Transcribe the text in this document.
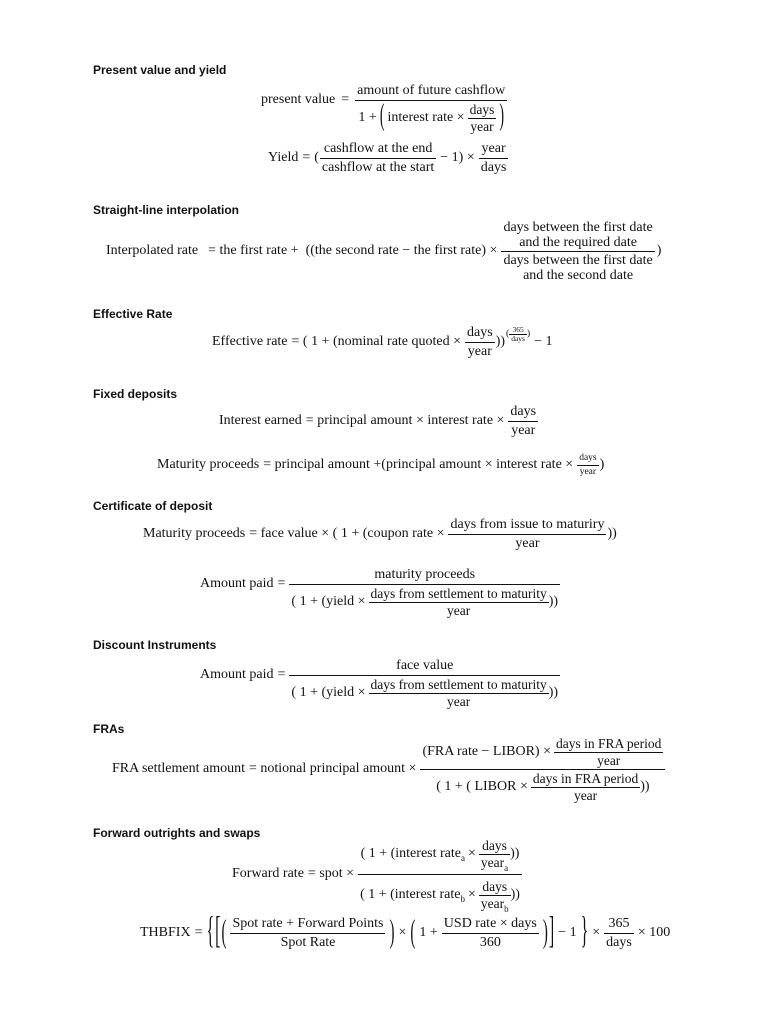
Present value and yield
present value =
amount of future cashflow
1 + ( interest rate × $\frac{\text{days}}{\text{year}}$ )
Yield = ( $\frac{\text{cashflow at the end}}{\text{cashflow at the start}} - 1) \times \frac{\text{year}}{\text{days}}$
Straight-line interpolation
Interpolated rate = the first rate + ((the second rate − the first rate) × days between the first date
and the required date
days between the first date
and the second date )
Effective Rate
Effective rate = ( 1 + (nominal rate quoted × $\frac{\text{days}}{\text{year}}$ ))
( $\frac{365}{\text{days}}$ )
− 1
Fixed deposits
Interest earned = principal amount × interest rate × $\frac{\text{days}}{\text{year}}$
Maturity proceeds = principal amount +(principal amount × interest rate × $\frac{\text{days}}{\text{year}}$ )
Certificate of deposit
Maturity proceeds = face value × ( 1 + (coupon rate × $\frac{\text{days from issue to maturiry}}{\text{year}}$ ))
Amount paid =
maturity proceeds
( 1 + (yield × $\frac{\text{days from settlement to maturity}}{\text{year}}$ ))
Discount Instruments
Amount paid =
face value
( 1 + (yield × $\frac{\text{days from settlement to maturity}}{\text{year}}$ ))
FRAs
FRA settlement amount = notional principal amount ×
(FRA rate − LIBOR) × $\frac{\text{days in FRA period}}{\text{year}}$
( 1 + ( LIBOR × $\frac{\text{days in FRA period}}{\text{year}}$ ))
Forward outrights and swaps
Forward rate = spot ×
( 1 + (interest ratea × $\frac{\text{days}}{\text{yeara}}$ ))
( 1 + (interest rateb × $\frac{\text{days}}{\text{yearb}}$ ))
THBFIX = { [ ( $\frac{\text{Spot rate + Forward Points}}{\text{Spot Rate}}$ ) × ( $1 + \frac{\text{USD rate × days}}{360}$ ) ] − 1 } × $\frac{365}{\text{days}} \times 100$
